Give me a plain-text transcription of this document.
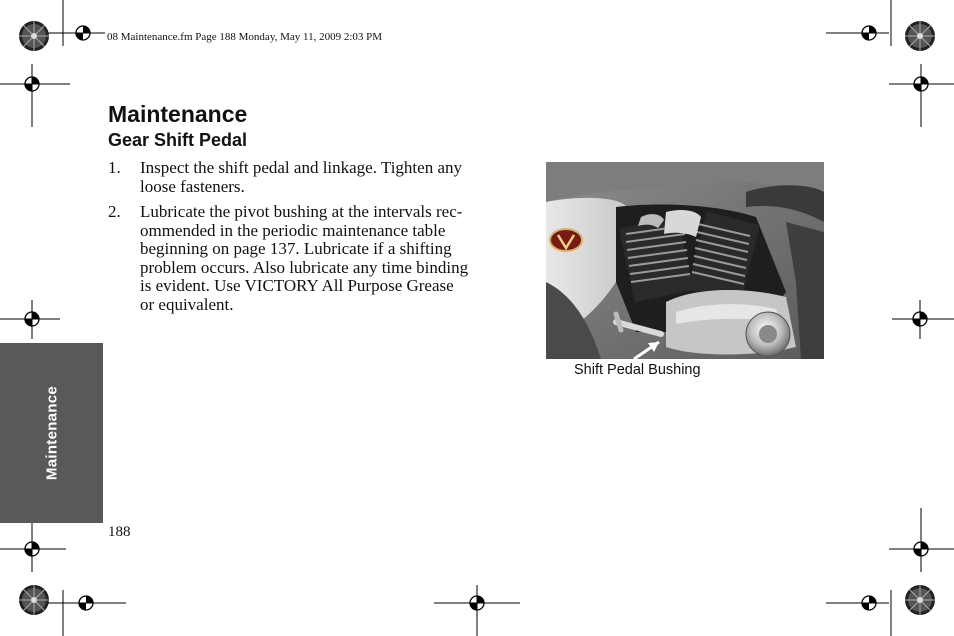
08 Maintenance.fm Page 188 Monday, May 11, 2009 2:03 PM
Maintenance
Gear Shift Pedal
1.	Inspect the shift pedal and linkage. Tighten any
loose fasteners.
2.	Lubricate the pivot bushing at the intervals rec-
ommended in the periodic maintenance table
beginning on page 137. Lubricate if a shifting
problem occurs. Also lubricate any time binding
is evident. Use VICTORY All Purpose Grease
or equivalent.
Maintenance
188
Shift Pedal Bushing
